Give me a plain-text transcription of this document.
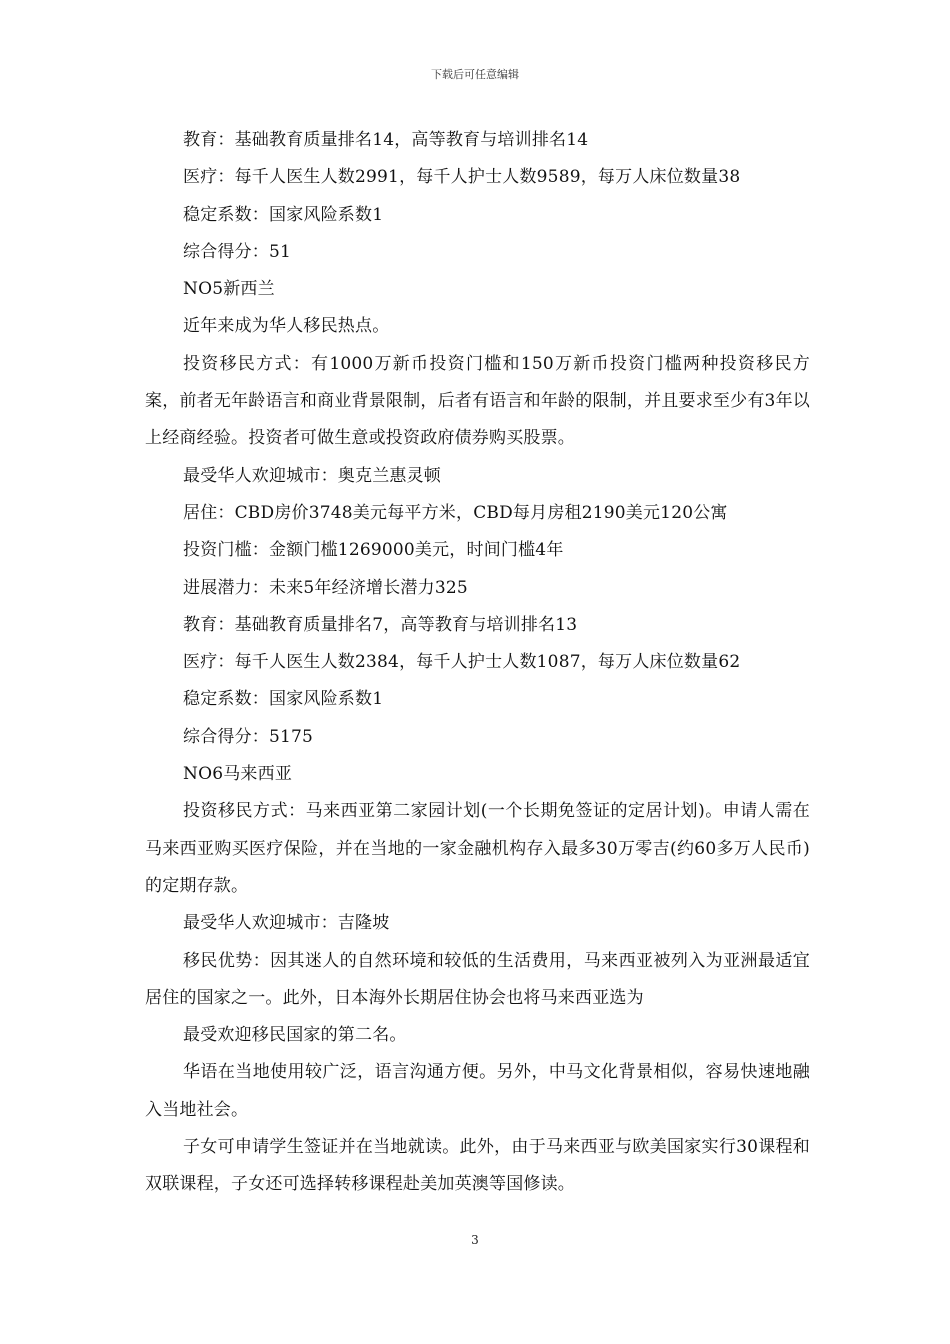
下载后可任意编辑

教育：基础教育质量排名14，高等教育与培训排名14

医疗：每千人医生人数2991，每千人护士人数9589，每万人床位数量38

稳定系数：国家风险系数1

综合得分：51

NO5新西兰

近年来成为华人移民热点。

投资移民方式：有1000万新币投资门槛和150万新币投资门槛两种投资移民方案，前者无年龄语言和商业背景限制，后者有语言和年龄的限制，并且要求至少有3年以上经商经验。投资者可做生意或投资政府债券购买股票。

最受华人欢迎城市：奥克兰惠灵顿

居住：CBD房价3748美元每平方米，CBD每月房租2190美元120公寓

投资门槛：金额门槛1269000美元，时间门槛4年

进展潜力：未来5年经济增长潜力325

教育：基础教育质量排名7，高等教育与培训排名13

医疗：每千人医生人数2384，每千人护士人数1087，每万人床位数量62

稳定系数：国家风险系数1

综合得分：5175

NO6马来西亚

投资移民方式：马来西亚第二家园计划(一个长期免签证的定居计划)。申请人需在马来西亚购买医疗保险，并在当地的一家金融机构存入最多30万零吉(约60多万人民币)的定期存款。

最受华人欢迎城市：吉隆坡

移民优势：因其迷人的自然环境和较低的生活费用，马来西亚被列入为亚洲最适宜居住的国家之一。此外，日本海外长期居住协会也将马来西亚选为

最受欢迎移民国家的第二名。

华语在当地使用较广泛，语言沟通方便。另外，中马文化背景相似，容易快速地融入当地社会。

子女可申请学生签证并在当地就读。此外，由于马来西亚与欧美国家实行30课程和双联课程，子女还可选择转移课程赴美加英澳等国修读。

3
